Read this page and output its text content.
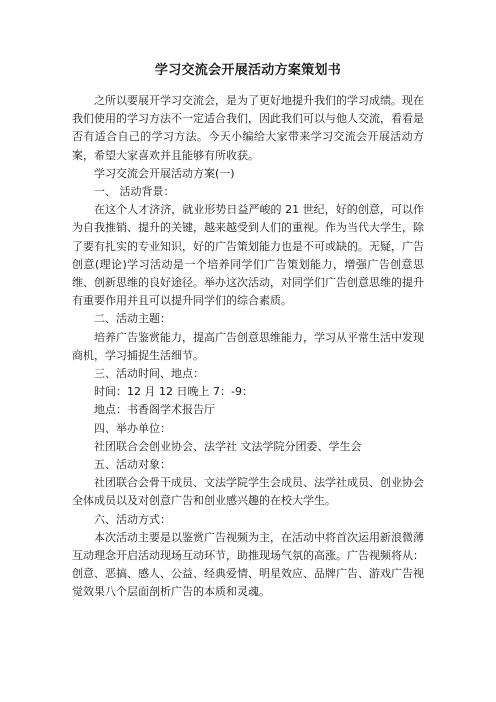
学习交流会开展活动方案策划书

之所以要展开学习交流会，是为了更好地提升我们的学习成绩。现在我们使用的学习方法不一定适合我们，因此我们可以与他人交流，看看是否有适合自己的学习方法。今天小编给大家带来学习交流会开展活动方案，希望大家喜欢并且能够有所收获。

学习交流会开展活动方案(一)

一、 活动背景：

在这个人才济济，就业形势日益严峻的 21 世纪，好的创意，可以作为自我推销、提升的关键，越来越受到人们的重视。作为当代大学生，除了要有扎实的专业知识，好的广告策划能力也是不可或缺的。无疑，广告创意(理论)学习活动是一个培养同学们广告策划能力，增强广告创意思维、创新思维的良好途径。举办这次活动，对同学们广告创意思维的提升有重要作用并且可以提升同学们的综合素质。

二、活动主题：

培养广告鉴赏能力，提高广告创意思维能力，学习从平常生活中发现商机，学习捕捉生活细节。

三、活动时间、地点：

时间：12 月 12 日晚上 7：-9：

地点：书香阁学术报告厅

四、举办单位：

社团联合会创业协会、法学社 文法学院分团委、学生会

五、活动对象：

社团联合会骨干成员、文法学院学生会成员、法学社成员、创业协会全体成员以及对创意广告和创业感兴趣的在校大学生。

六、活动方式：

本次活动主要是以鉴赏广告视频为主，在活动中将首次运用新浪微薄互动理念开启活动现场互动环节，助推现场气氛的高涨。广告视频将从：创意、恶搞、感人、公益、经典爱情、明星效应、品牌广告、游戏广告视觉效果八个层面剖析广告的本质和灵魂。
